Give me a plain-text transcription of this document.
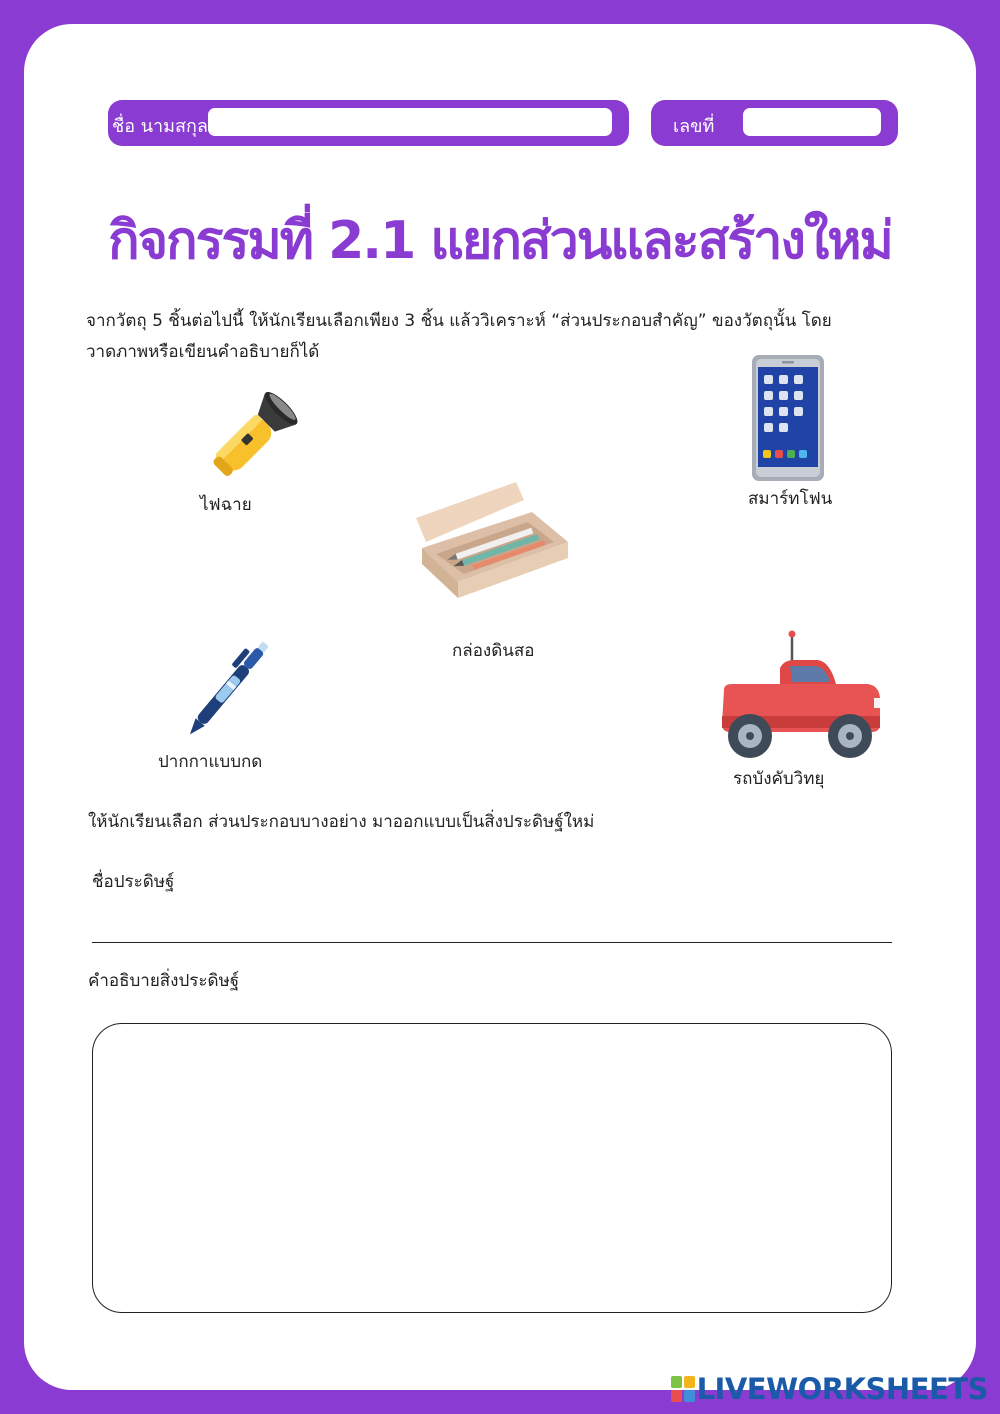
ชื่อ นามสกุล	เลขที่
กิจกรรมที่ 2.1 แยกส่วนและสร้างใหม่
จากวัตถุ 5 ชิ้นต่อไปนี้ ให้นักเรียนเลือกเพียง 3 ชิ้น แล้ววิเคราะห์ “ส่วนประกอบสำคัญ” ของวัตถุนั้น โดย
วาดภาพหรือเขียนคำอธิบายก็ได้
ไฟฉาย	สมาร์ทโฟน
กล่องดินสอ
ปากกาแบบกด
รถบังคับวิทยุ
ให้นักเรียนเลือก ส่วนประกอบบางอย่าง มาออกแบบเป็นสิ่งประดิษฐ์ใหม่
ชื่อประดิษฐ์
คำอธิบายสิ่งประดิษฐ์
LIVEWORKSHEETS
